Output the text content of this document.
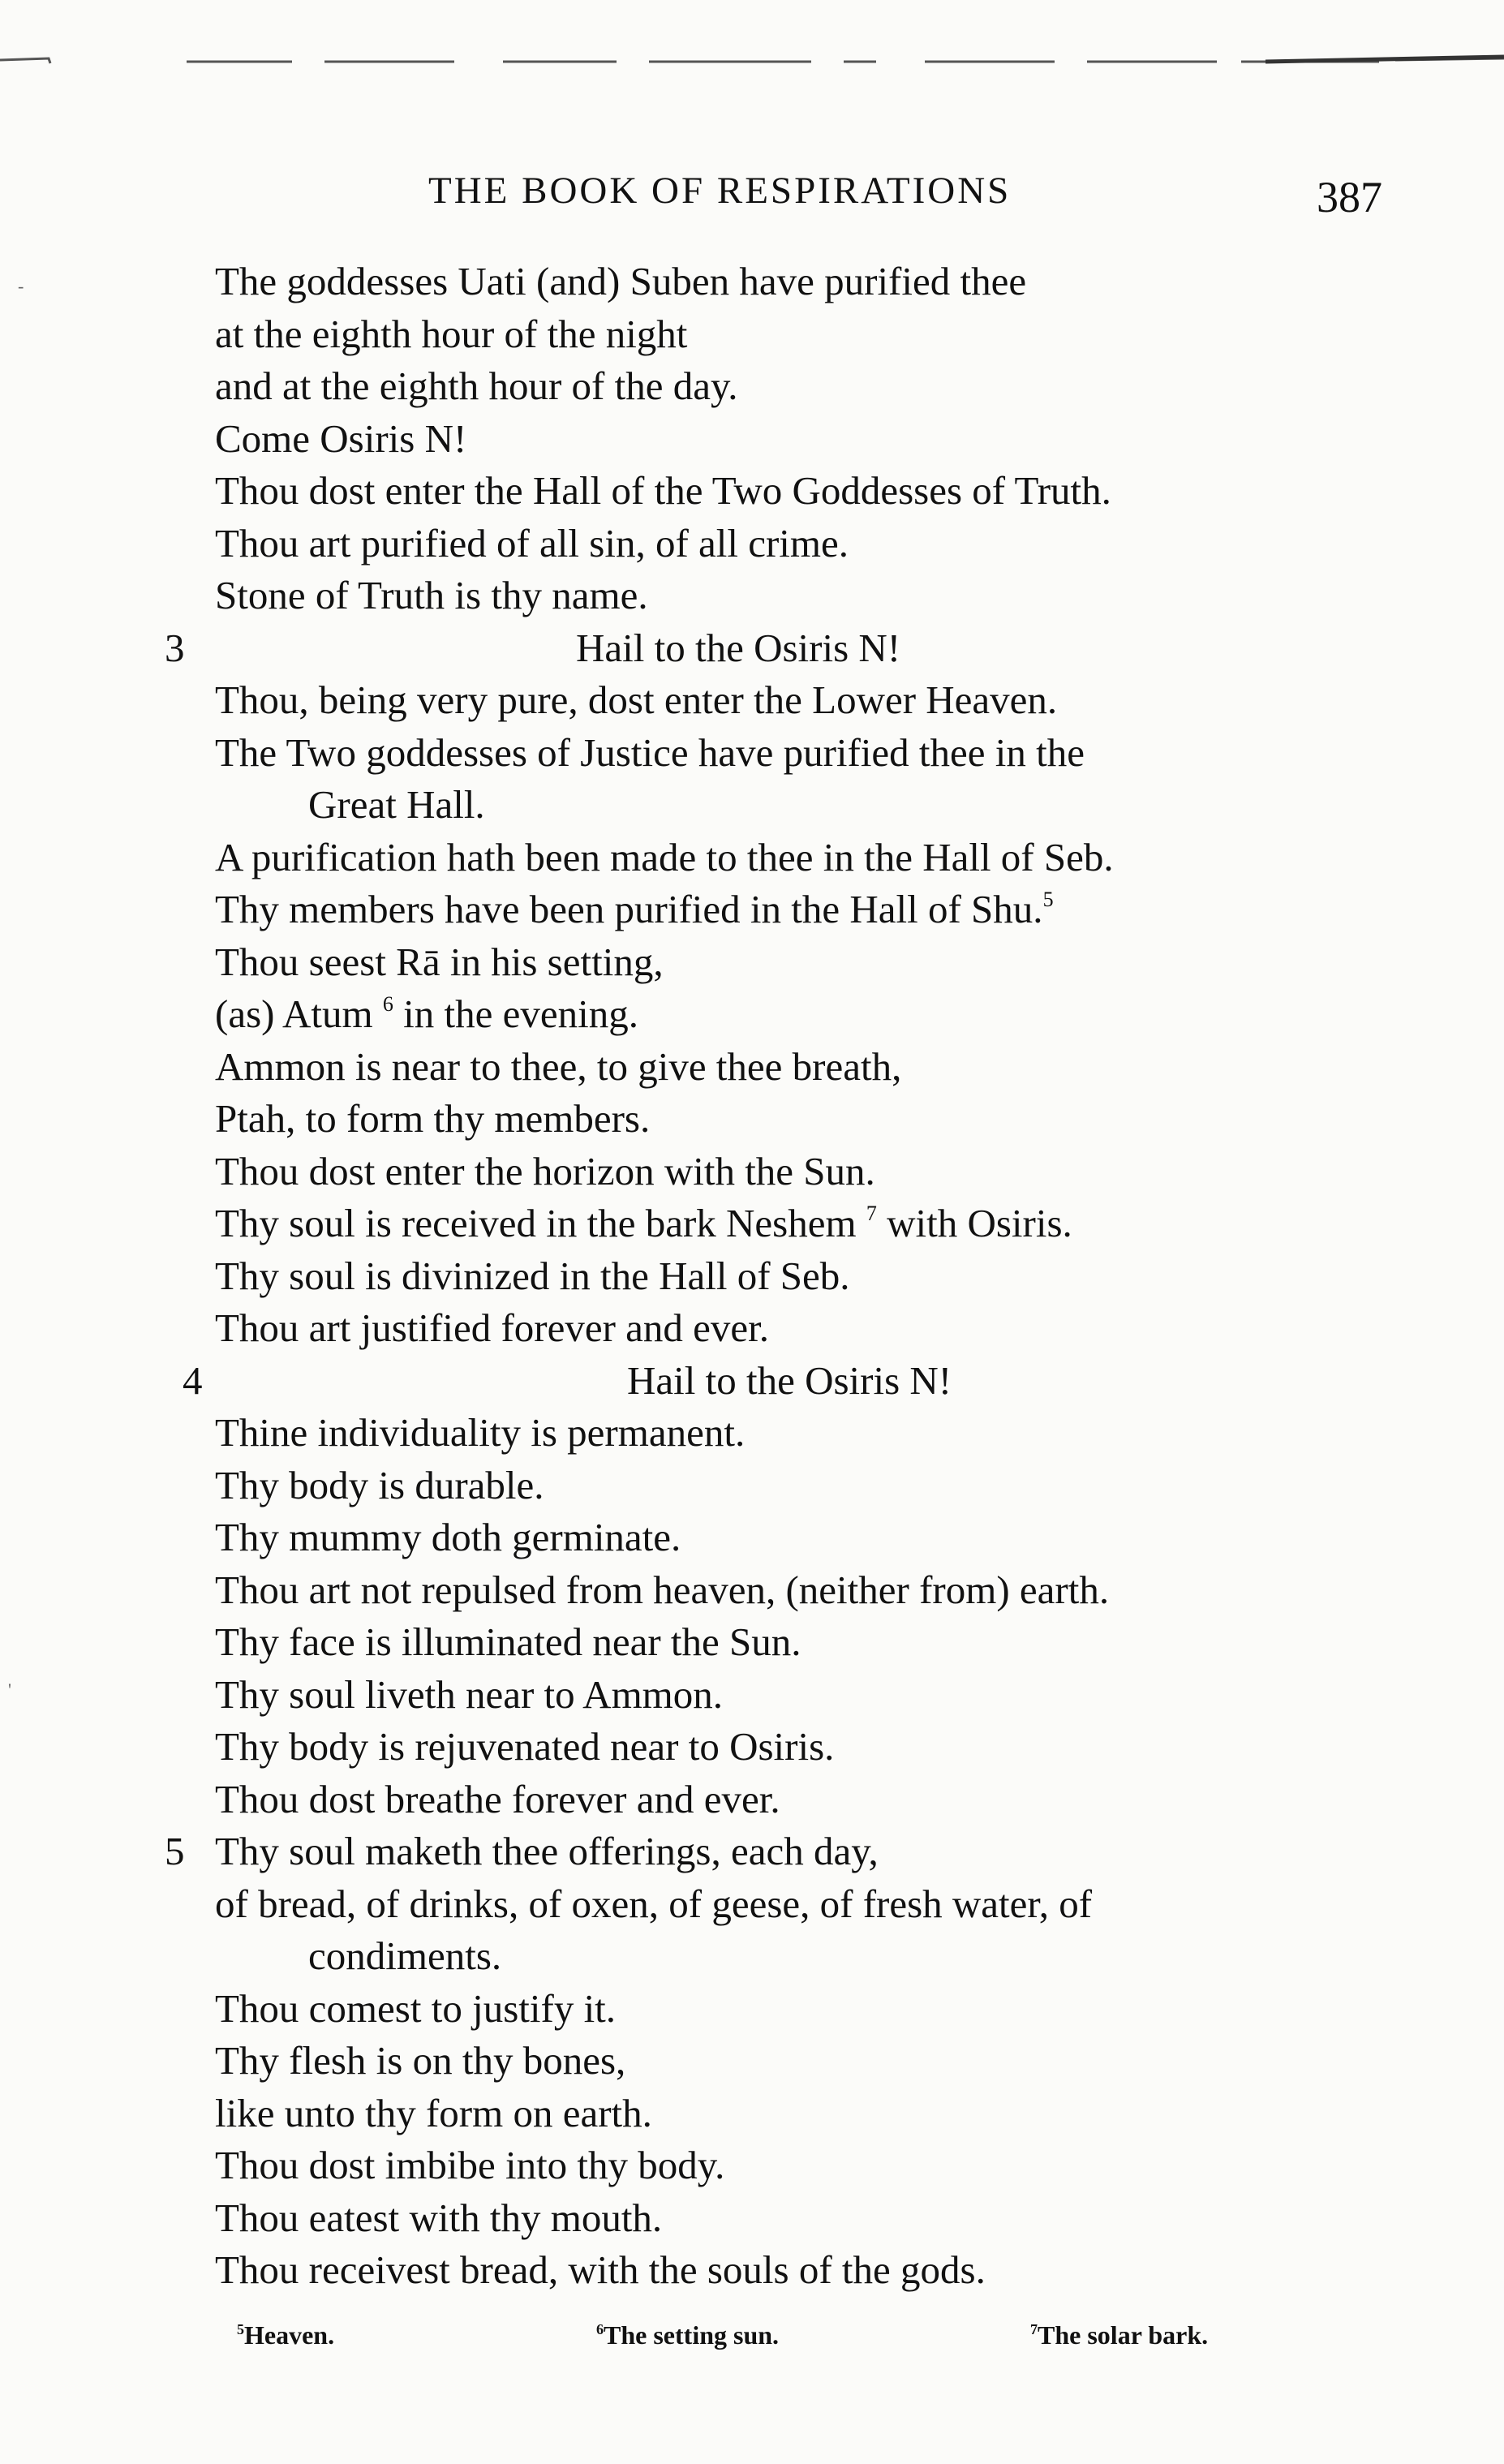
THE BOOK OF RESPIRATIONS	387
-
'
The goddesses Uati (and) Suben have purified thee
at the eighth hour of the night
and at the eighth hour of the day.
Come Osiris N!
Thou dost enter the Hall of the Two Goddesses of Truth.
Thou art purified of all sin, of all crime.
Stone of Truth is thy name.
3	Hail to the Osiris N!
Thou, being very pure, dost enter the Lower Heaven.
The Two goddesses of Justice have purified thee in the
Great Hall.
A purification hath been made to thee in the Hall of Seb.
Thy members have been purified in the Hall of Shu.$^5$
Thou seest Rā in his setting,
(as) Atum $^6$ in the evening.
Ammon is near to thee, to give thee breath,
Ptah, to form thy members.
Thou dost enter the horizon with the Sun.
Thy soul is received in the bark Neshem $^7$ with Osiris.
Thy soul is divinized in the Hall of Seb.
Thou art justified forever and ever.
4	Hail to the Osiris N!
Thine individuality is permanent.
Thy body is durable.
Thy mummy doth germinate.
Thou art not repulsed from heaven, (neither from) earth.
Thy face is illuminated near the Sun.
Thy soul liveth near to Ammon.
Thy body is rejuvenated near to Osiris.
Thou dost breathe forever and ever.
5 Thy soul maketh thee offerings, each day,
of bread, of drinks, of oxen, of geese, of fresh water, of
condiments.
Thou comest to justify it.
Thy flesh is on thy bones,
like unto thy form on earth.
Thou dost imbibe into thy body.
Thou eatest with thy mouth.
Thou receivest bread, with the souls of the gods.
$^5$Heaven.	$^6$The setting sun.	$^7$The solar bark.
